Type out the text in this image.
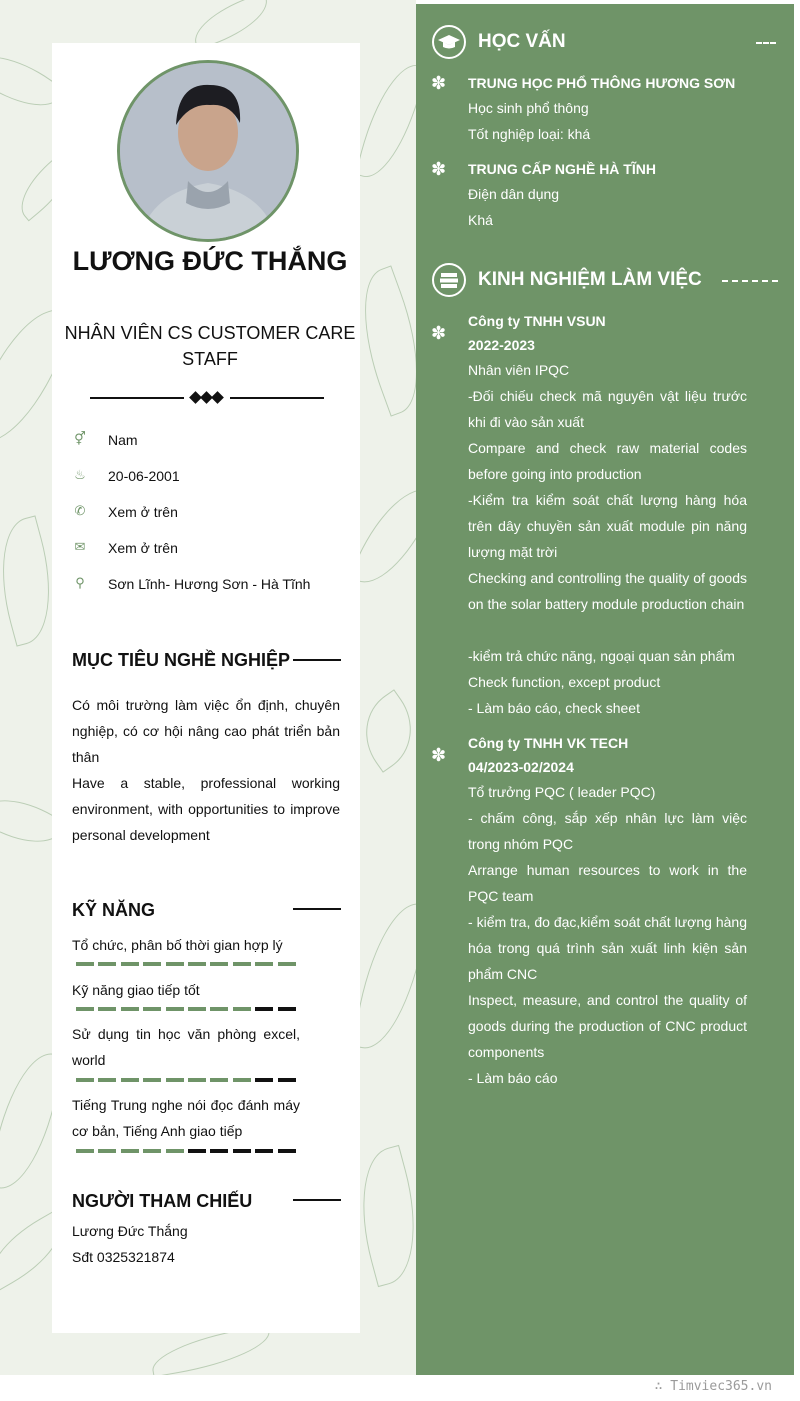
LƯƠNG ĐỨC THẮNG
NHÂN VIÊN CS CUSTOMER CARE STAFF
⚥ Nam
♨ 20-06-2001
✆ Xem ở trên
✉ Xem ở trên
⚲ Sơn Lĩnh- Hương Sơn - Hà Tĩnh
MỤC TIÊU NGHỀ NGHIỆP
Có môi trường làm việc ổn định, chuyên nghiệp, có cơ hội nâng cao phát triển bản thân
Have a stable, professional working environment, with opportunities to improve personal development
KỸ NĂNG
Tổ chức, phân bố thời gian hợp lý
Kỹ năng giao tiếp tốt
Sử dụng tin học văn phòng excel, world
Tiếng Trung nghe nói đọc đánh máy cơ bản, Tiếng Anh giao tiếp
NGƯỜI THAM CHIẾU
Lương Đức Thắng
Sđt 0325321874
HỌC VẤN
✽ TRUNG HỌC PHỔ THÔNG HƯƠNG SƠN
Học sinh phổ thông
Tốt nghiệp loại: khá
✽ TRUNG CẤP NGHỀ HÀ TĨNH
Điện dân dụng
Khá
KINH NGHIỆM LÀM VIỆC
✽
Công ty TNHH VSUN
2022-2023
Nhân viên IPQC
-Đối chiếu check mã nguyên vật liệu trước khi đi vào sản xuất
Compare and check raw material codes before going into production
-Kiểm tra kiểm soát chất lượng hàng hóa trên dây chuyền sản xuất module pin năng lượng mặt trời
Checking and controlling the quality of goods on the solar battery module production chain
-kiểm trả chức năng, ngoại quan sản phẩm
Check function, except product
- Làm báo cáo, check sheet
✽
Công ty TNHH VK TECH
04/2023-02/2024
Tổ trưởng PQC ( leader PQC)
- chấm công, sắp xếp nhân lực làm việc trong nhóm PQC
Arrange human resources to work in the PQC team
- kiểm tra, đo đạc,kiểm soát chất lượng hàng hóa trong quá trình sản xuất linh kiện sản phẩm CNC
Inspect, measure, and control the quality of goods during the production of CNC product components
- Làm báo cáo
∴ Timviec365.vn
